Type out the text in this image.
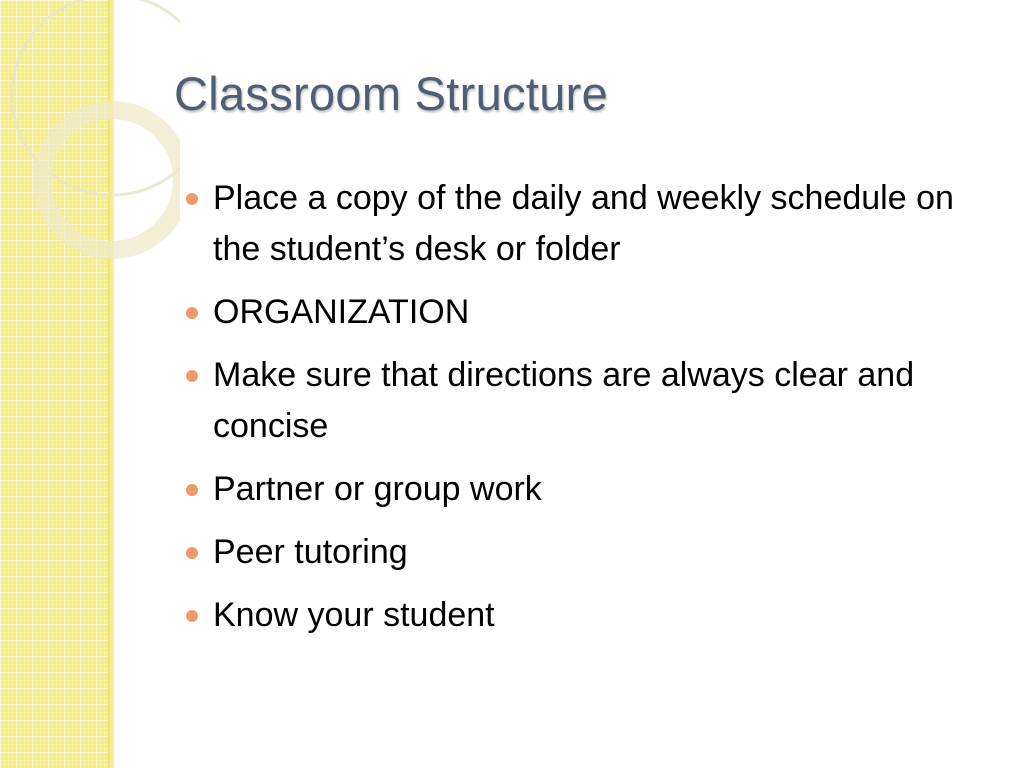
Classroom Structure
Place a copy of the daily and weekly schedule on the student’s desk or folder
ORGANIZATION
Make sure that directions are always clear and concise
Partner or group work
Peer tutoring
Know your student
